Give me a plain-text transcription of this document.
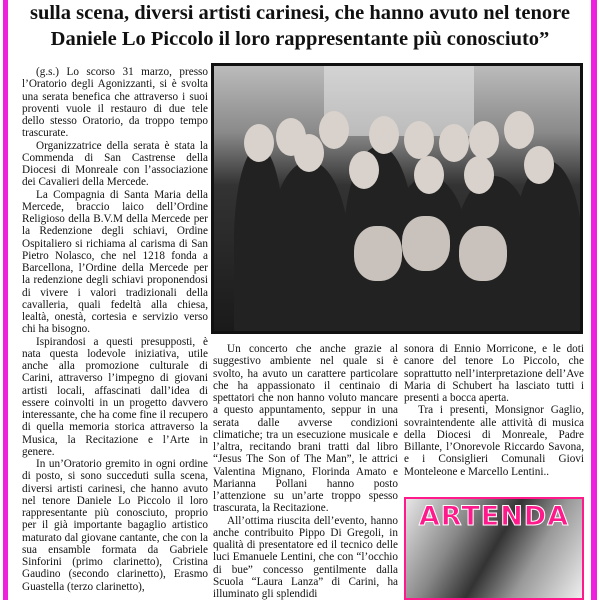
sulla scena, diversi artisti carinesi, che hanno avuto nel tenore
Daniele Lo Piccolo il loro rappresentante più conosciuto”

(g.s.) Lo scorso 31 marzo, presso l’Oratorio degli Agonizzanti, si è svolta una serata benefica che attraverso i suoi proventi vuole il restauro di due tele dello stesso Oratorio, da troppo tempo trascurate.

Organizzatrice della serata è stata la Commenda di San Castrense della Diocesi di Monreale con l’associazione dei Cavalieri della Mercede.

La Compagnia di Santa Maria della Mercede, braccio laico dell’Ordine Religioso della B.V.M della Mercede per la Redenzione degli schiavi, Ordine Ospitaliero si richiama al carisma di San Pietro Nolasco, che nel 1218 fonda a Barcellona, l’Ordine della Mercede per la redenzione degli schiavi proponendosi di vivere i valori tradizionali della cavalleria, quali fedeltà alla chiesa, lealtà, onestà, cortesia e servizio verso chi ha bisogno.

Ispirandosi a questi presupposti, è nata questa lodevole iniziativa, utile anche alla promozione culturale di Carini, attraverso l’impegno di giovani artisti locali, affascinati dall’idea di essere coinvolti in un progetto davvero interessante, che ha come fine il recupero di quella memoria storica attraverso la Musica, la Recitazione e l’Arte in genere.

In un’Oratorio gremito in ogni ordine di posto, si sono succeduti sulla scena, diversi artisti carinesi, che hanno avuto nel tenore Daniele Lo Piccolo il loro rappresentante più conosciuto, proprio per il già importante bagaglio artistico maturato dal giovane cantante, che con la sua ensamble formata da Gabriele Sinforini (primo clarinetto), Cristina Gaudino (secondo clarinetto), Erasmo Guastella (terzo clarinetto),

Un concerto che anche grazie al suggestivo ambiente nel quale si è svolto, ha avuto un carattere particolare che ha appassionato il centinaio di spettatori che non hanno voluto mancare a questo appuntamento, seppur in una serata dalle avverse condizioni climatiche; tra un esecuzione musicale e l’altra, recitando brani tratti dal libro “Jesus The Son of The Man”, le attrici Valentina Mignano, Florinda Amato e Marianna Pollani hanno posto l’attenzione su un’arte troppo spesso trascurata, la Recitazione.

All’ottima riuscita dell’evento, hanno anche contribuito Pippo Di Gregoli, in qualità di presentatore ed il tecnico delle luci Emanuele Lentini, che con “l’occhio di bue” concesso gentilmente dalla Scuola “Laura Lanza” di Carini, ha illuminato gli splendidi

sonora di Ennio Morricone, e le doti canore del tenore Lo Piccolo, che soprattutto nell’interpretazione dell’Ave Maria di Schubert ha lasciato tutti i presenti a bocca aperta.

Tra i presenti, Monsignor Gaglio, sovraintendente alle attività di musica della Diocesi di Monreale, Padre Billante, l’Onorevole Riccardo Savona, e i Consiglieri Comunali Giovi Monteleone e Marcello Lentini..

ARTENDA
